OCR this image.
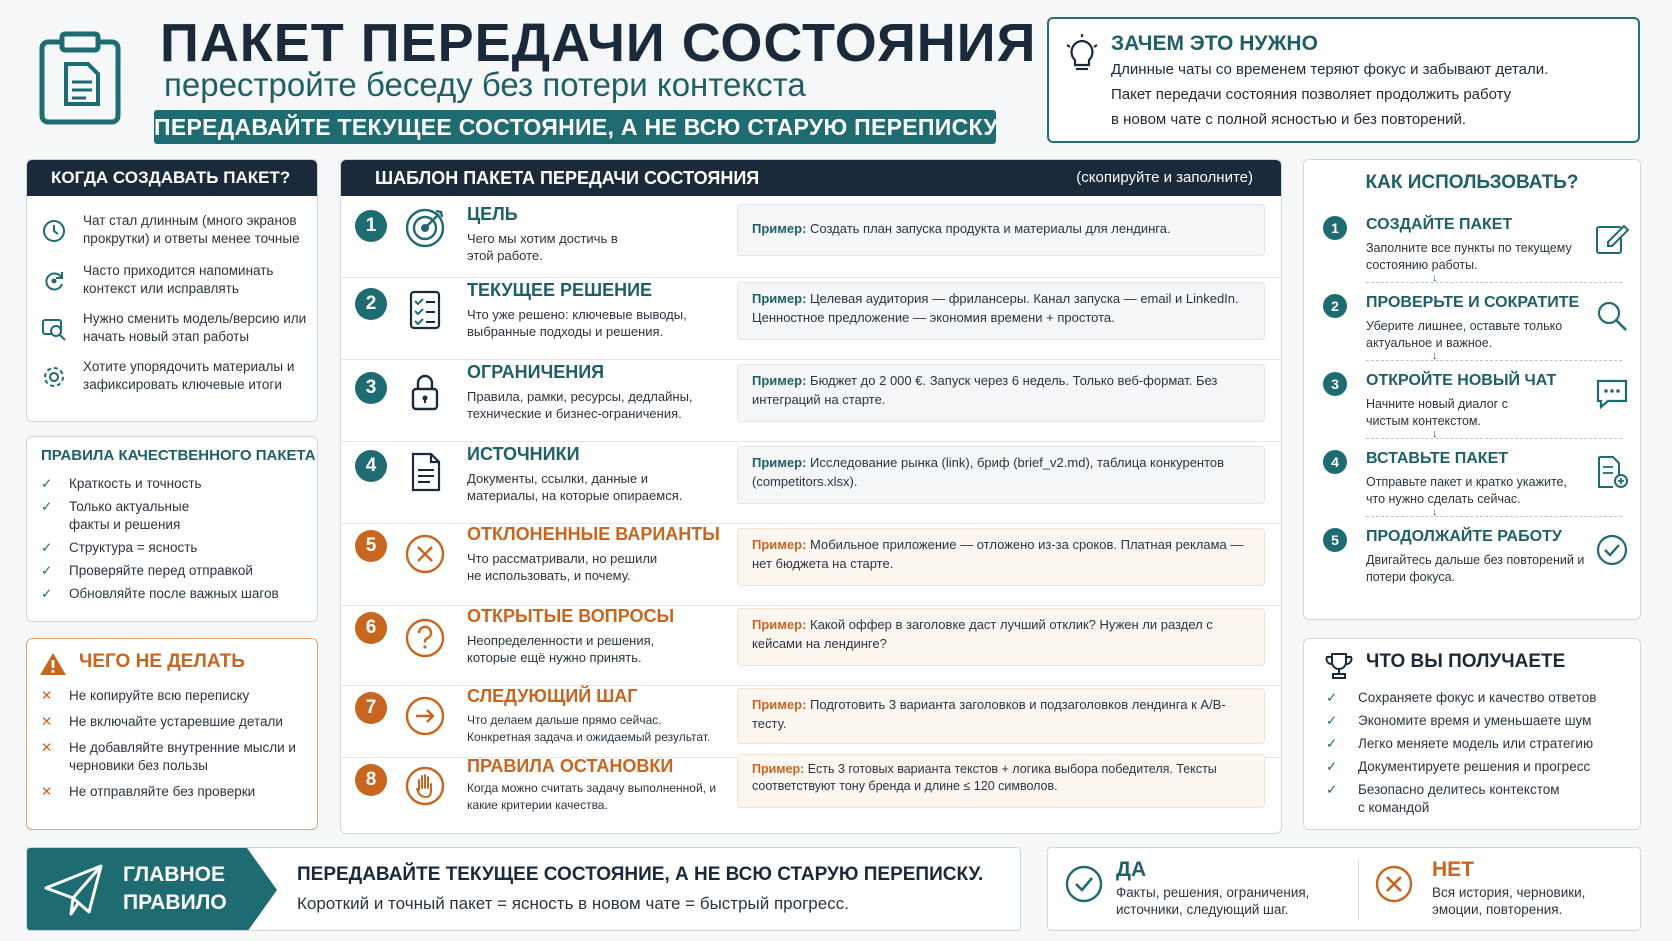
ПАКЕТ ПЕРЕДАЧИ СОСТОЯНИЯ
перестройте беседу без потери контекста
ПЕРЕДАВАЙТЕ ТЕКУЩЕЕ СОСТОЯНИЕ, А НЕ ВСЮ СТАРУЮ ПЕРЕПИСКУ
ЗАЧЕМ ЭТО НУЖНО
Длинные чаты со временем теряют фокус и забывают детали.
Пакет передачи состояния позволяет продолжить работу
в новом чате с полной ясностью и без повторений.
КОГДА СОЗДАВАТЬ ПАКЕТ?
Чат стал длинным (много экранов прокрутки) и ответы менее точные
Часто приходится напоминать контекст или исправлять
Нужно сменить модель/версию или начать новый этап работы
Хотите упорядочить материалы и зафиксировать ключевые итоги
ПРАВИЛА КАЧЕСТВЕННОГО ПАКЕТА
✓	Краткость и точность
✓	Только актуальные факты и решения
✓	Структура = ясность
✓	Проверяйте перед отправкой
✓	Обновляйте после важных шагов
ЧЕГО НЕ ДЕЛАТЬ
✕ Не копируйте всю переписку
✕ Не включайте устаревшие детали
✕ Не добавляйте внутренние мысли и черновики без пользы
✕ Не отправляйте без проверки
ШАБЛОН ПАКЕТА ПЕРЕДАЧИ СОСТОЯНИЯ	(скопируйте и заполните)
1
ЦЕЛЬ
Чего мы хотим достичь в этой работе.
Пример: Создать план запуска продукта и материалы для лендинга.
2
ТЕКУЩЕЕ РЕШЕНИЕ
Что уже решено: ключевые выводы, выбранные подходы и решения.
Пример: Целевая аудитория — фрилансеры. Канал запуска — email и LinkedIn. Ценностное предложение — экономия времени + простота.
3
ОГРАНИЧЕНИЯ
Правила, рамки, ресурсы, дедлайны, технические и бизнес-ограничения.
Пример: Бюджет до 2 000 €. Запуск через 6 недель. Только веб-формат. Без интеграций на старте.
4
ИСТОЧНИКИ
Документы, ссылки, данные и материалы, на которые опираемся.
Пример: Исследование рынка (link), бриф (brief_v2.md), таблица конкурентов (competitors.xlsx).
5
ОТКЛОНЕННЫЕ ВАРИАНТЫ
Что рассматривали, но решили не использовать, и почему.
Пример: Мобильное приложение — отложено из-за сроков. Платная реклама — нет бюджета на старте.
6
ОТКРЫТЫЕ ВОПРОСЫ
Неопределенности и решения, которые ещё нужно принять.
Пример: Какой оффер в заголовке даст лучший отклик? Нужен ли раздел с кейсами на лендинге?
7
СЛЕДУЮЩИЙ ШАГ
Что делаем дальше прямо сейчас. Конкретная задача и ожидаемый результат.
Пример: Подготовить 3 варианта заголовков и подзаголовков лендинга к A/B-тесту.
8
ПРАВИЛА ОСТАНОВКИ
Когда можно считать задачу выполненной, и какие критерии качества.
Пример: Есть 3 готовых варианта текстов + логика выбора победителя. Тексты соответствуют тону бренда и длине ≤ 120 символов.
КАК ИСПОЛЬЗОВАТЬ?
1	СОЗДАЙТЕ ПАКЕТ
Заполните все пункты по текущему состоянию работы.
↓
2	ПРОВЕРЬТЕ И СОКРАТИТЕ
Уберите лишнее, оставьте только актуальное и важное.
↓
3	ОТКРОЙТЕ НОВЫЙ ЧАТ
Начните новый диалог с чистым контекстом.
↓
4	ВСТАВЬТЕ ПАКЕТ
Отправьте пакет и кратко укажите, что нужно сделать сейчас.
↓
5	ПРОДОЛЖАЙТЕ РАБОТУ
Двигайтесь дальше без повторений и потери фокуса.
ЧТО ВЫ ПОЛУЧАЕТЕ
✓ Сохраняете фокус и качество ответов
✓ Экономите время и уменьшаете шум
✓ Легко меняете модель или стратегию
✓ Документируете решения и прогресс
✓ Безопасно делитесь контекстом с командой
ГЛАВНОЕ
ПРАВИЛО
ПЕРЕДАВАЙТЕ ТЕКУЩЕЕ СОСТОЯНИЕ, А НЕ ВСЮ СТАРУЮ ПЕРЕПИСКУ.
Короткий и точный пакет = ясность в новом чате = быстрый прогресс.
ДА
Факты, решения, ограничения, источники, следующий шаг.
НЕТ
Вся история, черновики, эмоции, повторения.
